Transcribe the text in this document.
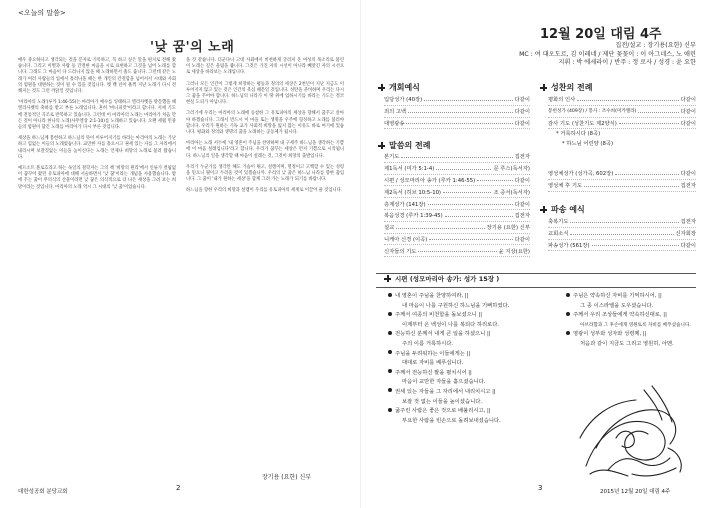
<오늘의 말씀>
'낮 꿈'의 노래

매우 중요하다고 생각되는 것을 문자로 기록하고, 꼭 하고 싶은 말을 편지로 전해 왔습니다. 그리고 이별과 사람 등 간절한 마음을 시로 표현하고 그것을 넘어 노래를 합니다. 그래도 그 마음이 다 드러나지 않을 때 노래하면서 춤도 춥니다. 그런데 같은 노래가 여러 사람들의 입에서 흘러나올 때는 한 개인의 간절함을 넘어서서 시대와 사회의 염원을 대변하는 것이 될 수 있을 것입니다. 옛 백 년이 훌쩍 지난 노래가 다시 전해지는 것도 그런 까닭일 것입니다.

'마리아의 노래'(루카 1:46-55)는 마리아가 예수를 잉태하고 엘리사벳을 방문했을 때 엘리사벳의 축하를 받고 부른 노래입니다. 흔히 '마니피캇'이라고 합니다. 저세 기도에 전통적인 곡조로 반복하고 있습니다. 그런데 이 마리아의 노래는 마리아가 처음 만든 것이 아니라 한나의 노래(사무엘상 2:1-10)를 노래하고 있습니다. 오랜 세월 민중들의 염원이 담긴 노래를 마리아가 다시 부른 것입니다.

세상을 하느님께 봉헌하고 하느님의 뜻이 이루어지기를 바라는 마리아의 노래는 가난하고 힘없는 이들의 노래였습니다. 교만한 자를 흩으시고 권세 있는 자를 그 자리에서 내리시며 보잘것없는 이들을 높이신다는 노래는 언제나 희망의 노래로 불려 왔습니다.

예르소트 볼로흐라고 하는 독일의 철학자는 그의 책 '희망의 원리'에서 인류가 결핍없이 꿈꾸어 왔던 유토피아에 대해 서술하면서 '낮 꿈'이라는 개념을 사용했습니다. 밤에 꾸는 꿈이 무의식의 산물이라면 낮 꿈은 의식적으로 더 나은 세상을 그려 보는 희망이라는 것입니다. 마리아의 노래 역시 그 시대의 '낮 꿈'이었습니다.

을 것 같습니다. 더군다나 고대 사회에서 비천하게 굴려져 온 여성의 목소리로 불린 이 노래는 깊은 울림을 줍니다. 그것은 가진 자의 시선이 아니라 빼앗긴 자의 시선으로 세상을 바라보는 노래입니다.

그러나 모든 인간이 그렇게 희망하는 평등과 정의의 세상은 2천년이 지난 지금도 이루어지지 않고 있는 것은 인간의 욕심 때문일 것입니다. 성탄을 준비하며 우리는 다시 그 꿈을 꾸어야 합니다. 하느님의 나라가 이 땅 위에 임하시기를 바라는 기도는 결코 현실 도피가 아닙니다.

그러기에 우리는 마리아의 노래에 동참한 그 유토피아의 세상을 향해서 꿈꾸고 살아야 하겠습니다. 그래서 반드시 이 마을 또는 생명을 우주에 형성하고 노래를 불러야 합니다. 우리가 원하는 기독 교가 사회적 희망을 잃지 않는 이유도 바로 여기에 있습니다. 평화와 정의와 생명의 꿈을 노래하는 공동체가 됩시다.

마리아는 노래 서두에 '내 영혼이 주님을 찬양하며 내 구세주 하느님을 생각하는 기쁨에 이 마음 설레입니다'라고 합니다. 우리가 꿈꾸는 세상은 먼저 기쁨으로 시작됩니다. 하느님의 일을 생각할 때 마음이 설레는 것, 그것이 희망의 출발입니다.

우리가 누군가를 생각만 해도 가슴이 뛰고, 설렘이며, 열정이고 고백할 수 있는 성령을 믿으니 뭣이고 두려울 것이 있겠습니까. 우리의 낮 꿈은 하느님 나라를 향한 꿈입니다. 그 꿈이 '내가 원하는 세상'을 함께 그려 가는 노래가 되기를 바랍니다.

하느님을 향한 우리의 희망과 설렘이 우리를 유토피아의 세계로 이끌어 줄 것입니다.

장기용 (요한) 신부
대한성공회 분당교회	2
12월 20일 대림 4주
집전/설교 : 장기용(요한) 신부
MC : 여 대오도르, 김 이레네 / 제단 꽃꽂이 : 이 아그네스, 노 애린
지휘 : 박 에세라이 / 반주 : 정 로사 / 성경 : 윤 요한
개회예식
입당성가 (40장)	다같이
죄의 고백	다같이
대영광송	다같이
말씀의 전례
본기도	집전자
제1독서 (미가 5:1-4)	문 루스(독서자)
시편 / 성모마리아 송가 (루카 1:46-55)	다같이
제2독서 (히브 10:5-10)	조 증서(독서자)
층계성가 (141장)	다같이
복음성경 (루카 1:39-45)	집전자
설교	장기용 (요한) 신부
니케아 신경 (이곡)	다같이
신자들의 기도	윤 지상(요한)
성찬의 전례
평화의 인사	다같이
봉헌성가 (409장) / 봉사 : 조수희(미카엘라)	다같이
감사 기도 (성찬기도 제2양식)	다같이
* 거룩하시다 (8곡)
* 하느님 어린양 (8곡)
영성체성가 (성가곡, 602장)	다같이
영성체 후 기도	집전자
파송 예식
축복기도	집전자
교회소식	신자회장
파송성가 (561장)	다같이
시편 (성모마리아 송가: 성가 15장 )
내 영혼이 주님을 찬양하여라, ||
내 마음이 나를 구원하신 하느님을 기뻐하였다.
주께서 여종의 비천함을 돌보셨으니 ||
이제부터 온 백성이 나를 복되다 하리로다.
전능하신 분께서 내게 큰 일을 하셨으니 ||
주의 이름 거룩하시다.
주님을 두려워하는 이들에게는 ||
대대로 자비를 베푸십니다.
주께서 전능하신 팔을 펼치시어 ||
마음이 교만한 자들을 흩으셨습니다.
권세 있는 자들을 그 자리에서 내리치시고 ||
보잘 것 없는 이들을 높이셨습니다.
굶주린 사람은 좋은 것으로 배불리시고, ||
부요한 사람을 빈손으로 돌려보내셨습니다.
주님은 약속하신 자비를 기억하시어, ||
그 종 이스라엘을 도우셨습니다.
주께서 우리 조상들에게 약속하신대로, ||
아브라함과 그 후손에게 영원토록 자비를 베푸셨습니다.
영광이 성부와 성자와 성령께, ||
처음과 같이 지금도 그리고 영원히, 아멘.
3	2015년 12월 20일 대림 4주
